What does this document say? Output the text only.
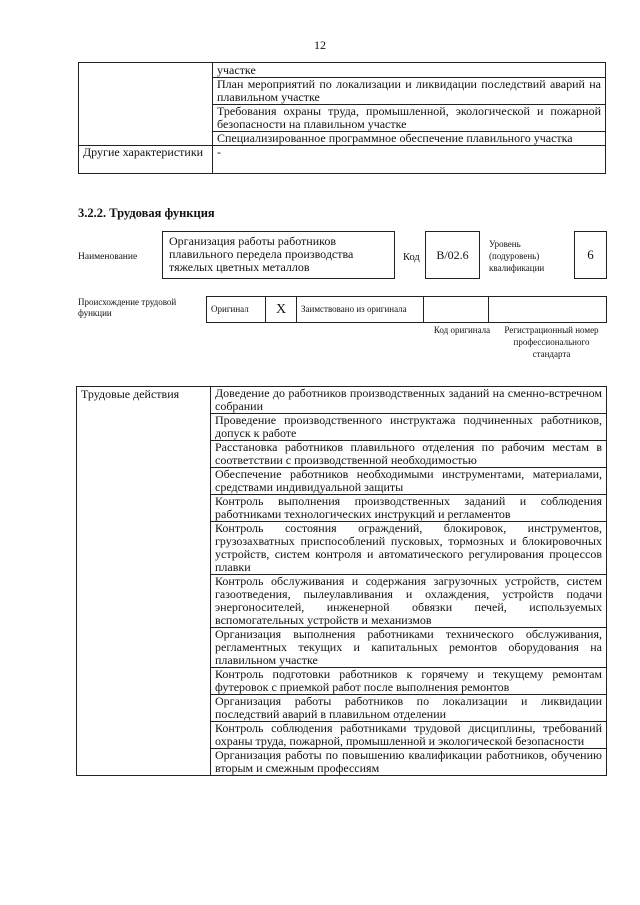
12
	участке
	План мероприятий по локализации и ликвидации последствий аварий на плавильном участке
	Требования охраны труда, промышленной, экологической и пожарной безопасности на плавильном участке
	Специализированное программное обеспечение плавильного участка
Другие характеристики	-
3.2.2. Трудовая функция
Наименование
Организация работы работников плавильного передела производства тяжелых цветных металлов
Код	В/02.6
Уровень (подуровень) квалификации
6
Происхождение трудовой функции	Оригинал	Х	Заимствовано из оригинала		
Код оригинала	Регистрационный номер профессионального стандарта
Трудовые действия	Доведение до работников производственных заданий на сменно-встречном собрании
Проведение производственного инструктажа подчиненных работников, допуск к работе
Расстановка работников плавильного отделения по рабочим местам в соответствии с производственной необходимостью
Обеспечение работников необходимыми инструментами, материалами, средствами индивидуальной защиты
Контроль выполнения производственных заданий и соблюдения работниками технологических инструкций и регламентов
Контроль состояния ограждений, блокировок, инструментов, грузозахватных приспособлений пусковых, тормозных и блокировочных устройств, систем контроля и автоматического регулирования процессов плавки
Контроль обслуживания и содержания загрузочных устройств, систем газоотведения, пылеулавливания и охлаждения, устройств подачи энергоносителей, инженерной обвязки печей, используемых вспомогательных устройств и механизмов
Организация выполнения работниками технического обслуживания, регламентных текущих и капитальных ремонтов оборудования на плавильном участке
Контроль подготовки работников к горячему и текущему ремонтам футеровок с приемкой работ после выполнения ремонтов
Организация работы работников по локализации и ликвидации последствий аварий в плавильном отделении
Контроль соблюдения работниками трудовой дисциплины, требований охраны труда, пожарной, промышленной и экологической безопасности
Организация работы по повышению квалификации работников, обучению вторым и смежным профессиям
